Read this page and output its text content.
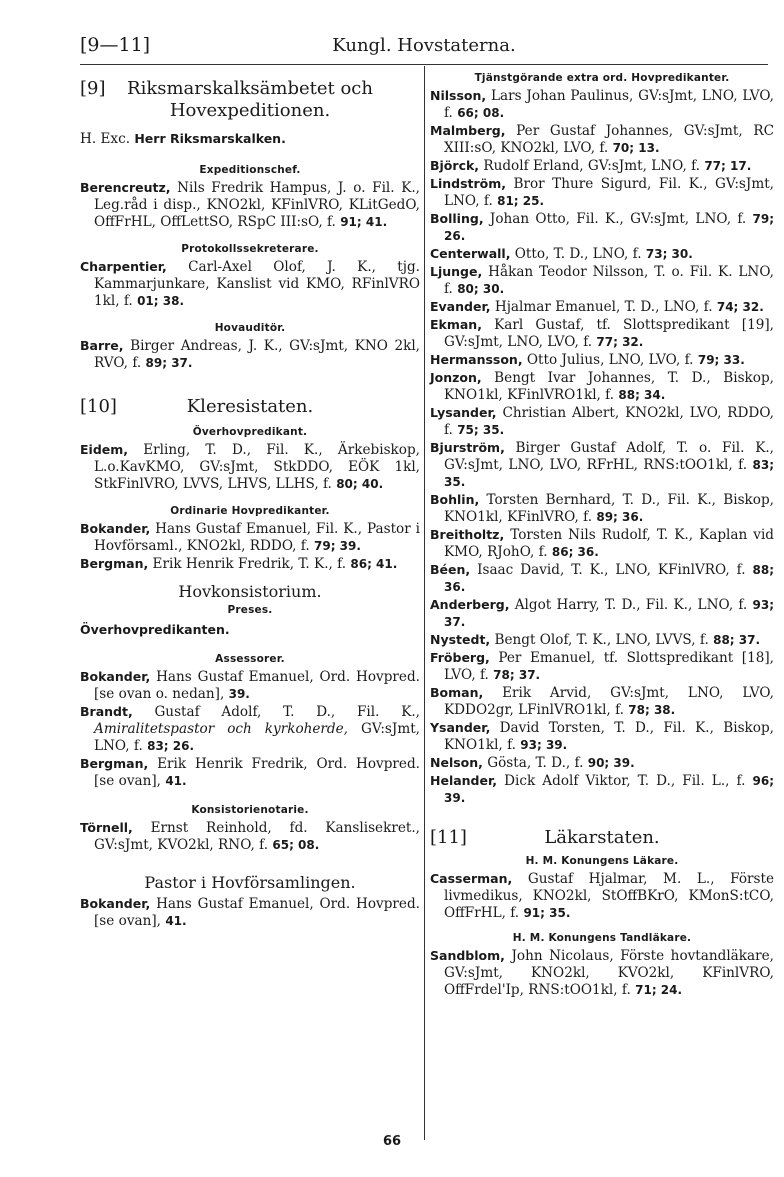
Kungl. Hovstaterna.
[9—11]
[9] Riksmarskalksämbetet och
Hovexpeditionen.
H. Exc. Herr Riksmarskalken.
Expeditionschef.
Berencreutz, Nils Fredrik Hampus, J. o. Fil. K., Leg.råd i disp., KNO2kl, KFinlVRO, KLitGedO, OffFrHL, OffLettSO, RSpC III:sO, f. 91; 41.
Protokollssekreterare.
Charpentier, Carl-Axel Olof, J. K., tjg. Kammarjunkare, Kanslist vid KMO, RFinlVRO 1kl, f. 01; 38.
Hovauditör.
Barre, Birger Andreas, J. K., GV:sJmt, KNO 2kl, RVO, f. 89; 37.
[10]	Kleresistaten.
Överhovpredikant.
Eidem, Erling, T. D., Fil. K., Ärkebiskop, L.o.KavKMO, GV:sJmt, StkDDO, EÖK 1kl, StkFinlVRO, LVVS, LHVS, LLHS, f. 80; 40.
Ordinarie Hovpredikanter.
Bokander, Hans Gustaf Emanuel, Fil. K., Pastor i Hovförsaml., KNO2kl, RDDO, f. 79; 39.
Bergman, Erik Henrik Fredrik, T. K., f. 86; 41.
Hovkonsistorium.
Preses.
Överhovpredikanten.
Assessorer.
Bokander, Hans Gustaf Emanuel, Ord. Hovpred. [se ovan o. nedan], 39.
Brandt, Gustaf Adolf, T. D., Fil. K., Amiralitetspastor och kyrkoherde, GV:sJmt, LNO, f. 83; 26.
Bergman, Erik Henrik Fredrik, Ord. Hovpred. [se ovan], 41.
Konsistorienotarie.
Törnell, Ernst Reinhold, fd. Kanslisekret., GV:sJmt, KVO2kl, RNO, f. 65; 08.
Pastor i Hovförsamlingen.
Bokander, Hans Gustaf Emanuel, Ord. Hovpred. [se ovan], 41.
Tjänstgörande extra ord. Hovpredikanter.
Nilsson, Lars Johan Paulinus, GV:sJmt, LNO, LVO, f. 66; 08.
Malmberg, Per Gustaf Johannes, GV:sJmt, RC XIII:sO, KNO2kl, LVO, f. 70; 13.
Björck, Rudolf Erland, GV:sJmt, LNO, f. 77; 17.
Lindström, Bror Thure Sigurd, Fil. K., GV:sJmt, LNO, f. 81; 25.
Bolling, Johan Otto, Fil. K., GV:sJmt, LNO, f. 79; 26.
Centerwall, Otto, T. D., LNO, f. 73; 30.
Ljunge, Håkan Teodor Nilsson, T. o. Fil. K. LNO, f. 80; 30.
Evander, Hjalmar Emanuel, T. D., LNO, f. 74; 32.
Ekman, Karl Gustaf, tf. Slottspredikant [19], GV:sJmt, LNO, LVO, f. 77; 32.
Hermansson, Otto Julius, LNO, LVO, f. 79; 33.
Jonzon, Bengt Ivar Johannes, T. D., Biskop, KNO1kl, KFinlVRO1kl, f. 88; 34.
Lysander, Christian Albert, KNO2kl, LVO, RDDO, f. 75; 35.
Bjurström, Birger Gustaf Adolf, T. o. Fil. K., GV:sJmt, LNO, LVO, RFrHL, RNS:tOO1kl, f. 83; 35.
Bohlin, Torsten Bernhard, T. D., Fil. K., Biskop, KNO1kl, KFinlVRO, f. 89; 36.
Breitholtz, Torsten Nils Rudolf, T. K., Kaplan vid KMO, RJohO, f. 86; 36.
Béen, Isaac David, T. K., LNO, KFinlVRO, f. 88; 36.
Anderberg, Algot Harry, T. D., Fil. K., LNO, f. 93; 37.
Nystedt, Bengt Olof, T. K., LNO, LVVS, f. 88; 37.
Fröberg, Per Emanuel, tf. Slottspredikant [18], LVO, f. 78; 37.
Boman, Erik Arvid, GV:sJmt, LNO, LVO, KDDO2gr, LFinlVRO1kl, f. 78; 38.
Ysander, David Torsten, T. D., Fil. K., Biskop, KNO1kl, f. 93; 39.
Nelson, Gösta, T. D., f. 90; 39.
Helander, Dick Adolf Viktor, T. D., Fil. L., f. 96; 39.
[11]	Läkarstaten.
H. M. Konungens Läkare.
Casserman, Gustaf Hjalmar, M. L., Förste livmedikus, KNO2kl, StOffBKrO, KMonS:tCO, OffFrHL, f. 91; 35.
H. M. Konungens Tandläkare.
Sandblom, John Nicolaus, Förste hovtandläkare, GV:sJmt, KNO2kl, KVO2kl, KFinlVRO, OffFrdel'Ip, RNS:tOO1kl, f. 71; 24.
66
